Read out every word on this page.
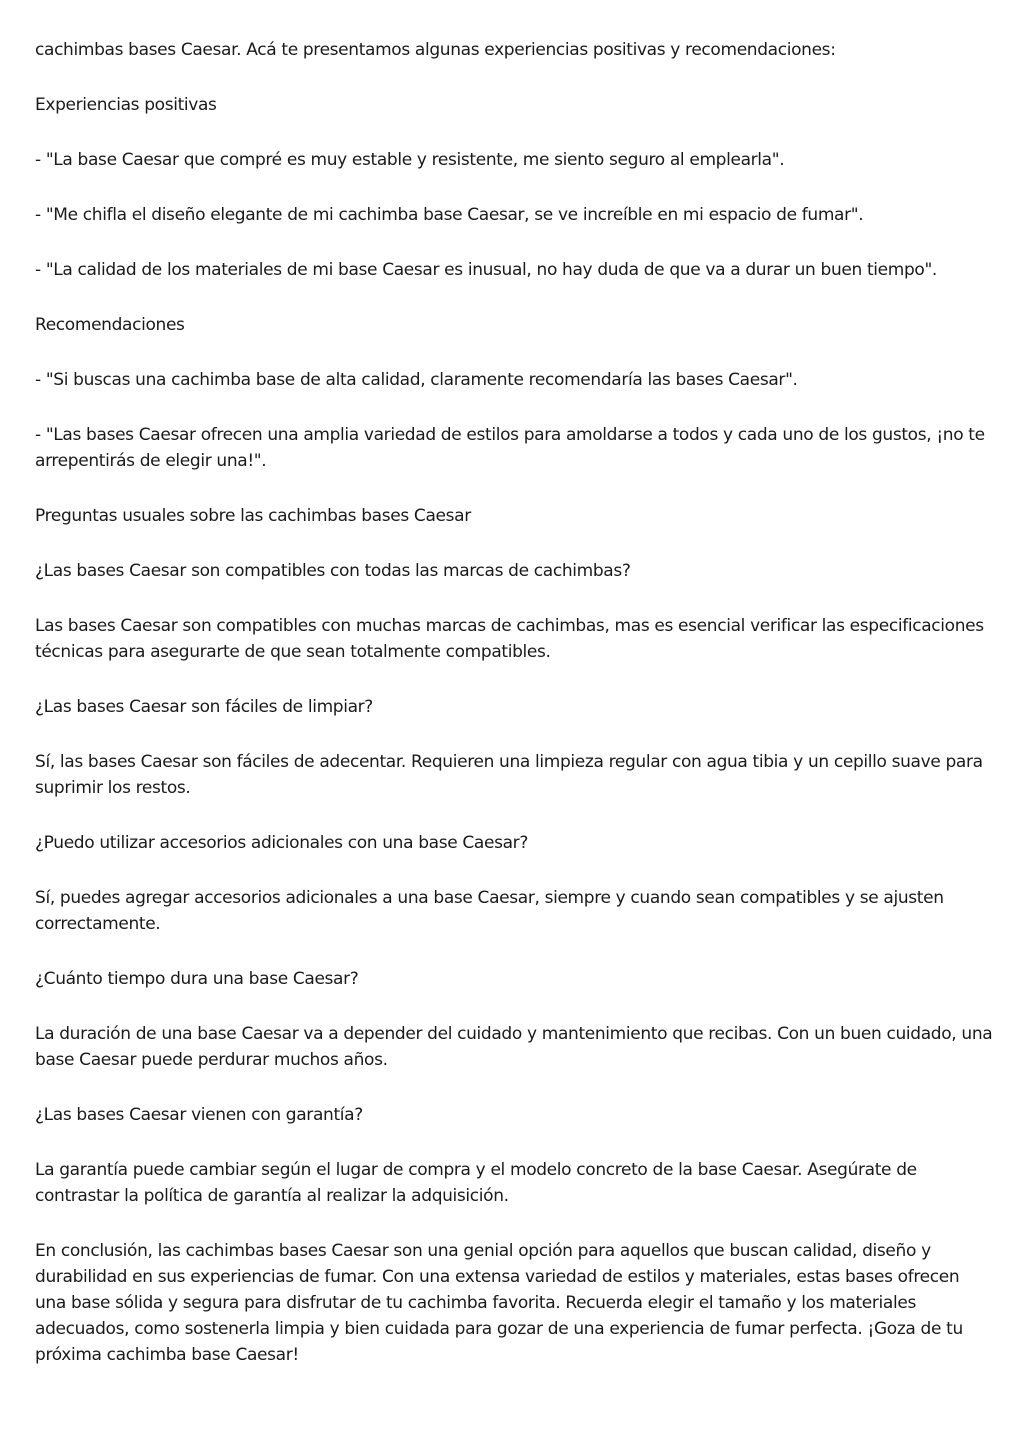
cachimbas bases Caesar. Acá te presentamos algunas experiencias positivas y recomendaciones:

Experiencias positivas

- "La base Caesar que compré es muy estable y resistente, me siento seguro al emplearla".

- "Me chifla el diseño elegante de mi cachimba base Caesar, se ve increíble en mi espacio de fumar".

- "La calidad de los materiales de mi base Caesar es inusual, no hay duda de que va a durar un buen tiempo".

Recomendaciones

- "Si buscas una cachimba base de alta calidad, claramente recomendaría las bases Caesar".

- "Las bases Caesar ofrecen una amplia variedad de estilos para amoldarse a todos y cada uno de los gustos, ¡no te arrepentirás de elegir una!".

Preguntas usuales sobre las cachimbas bases Caesar

¿Las bases Caesar son compatibles con todas las marcas de cachimbas?

Las bases Caesar son compatibles con muchas marcas de cachimbas, mas es esencial verificar las especificaciones técnicas para asegurarte de que sean totalmente compatibles.

¿Las bases Caesar son fáciles de limpiar?

Sí, las bases Caesar son fáciles de adecentar. Requieren una limpieza regular con agua tibia y un cepillo suave para suprimir los restos.

¿Puedo utilizar accesorios adicionales con una base Caesar?

Sí, puedes agregar accesorios adicionales a una base Caesar, siempre y cuando sean compatibles y se ajusten correctamente.

¿Cuánto tiempo dura una base Caesar?

La duración de una base Caesar va a depender del cuidado y mantenimiento que recibas. Con un buen cuidado, una base Caesar puede perdurar muchos años.

¿Las bases Caesar vienen con garantía?

La garantía puede cambiar según el lugar de compra y el modelo concreto de la base Caesar. Asegúrate de contrastar la política de garantía al realizar la adquisición.

En conclusión, las cachimbas bases Caesar son una genial opción para aquellos que buscan calidad, diseño y durabilidad en sus experiencias de fumar. Con una extensa variedad de estilos y materiales, estas bases ofrecen una base sólida y segura para disfrutar de tu cachimba favorita. Recuerda elegir el tamaño y los materiales adecuados, como sostenerla limpia y bien cuidada para gozar de una experiencia de fumar perfecta. ¡Goza de tu próxima cachimba base Caesar!
